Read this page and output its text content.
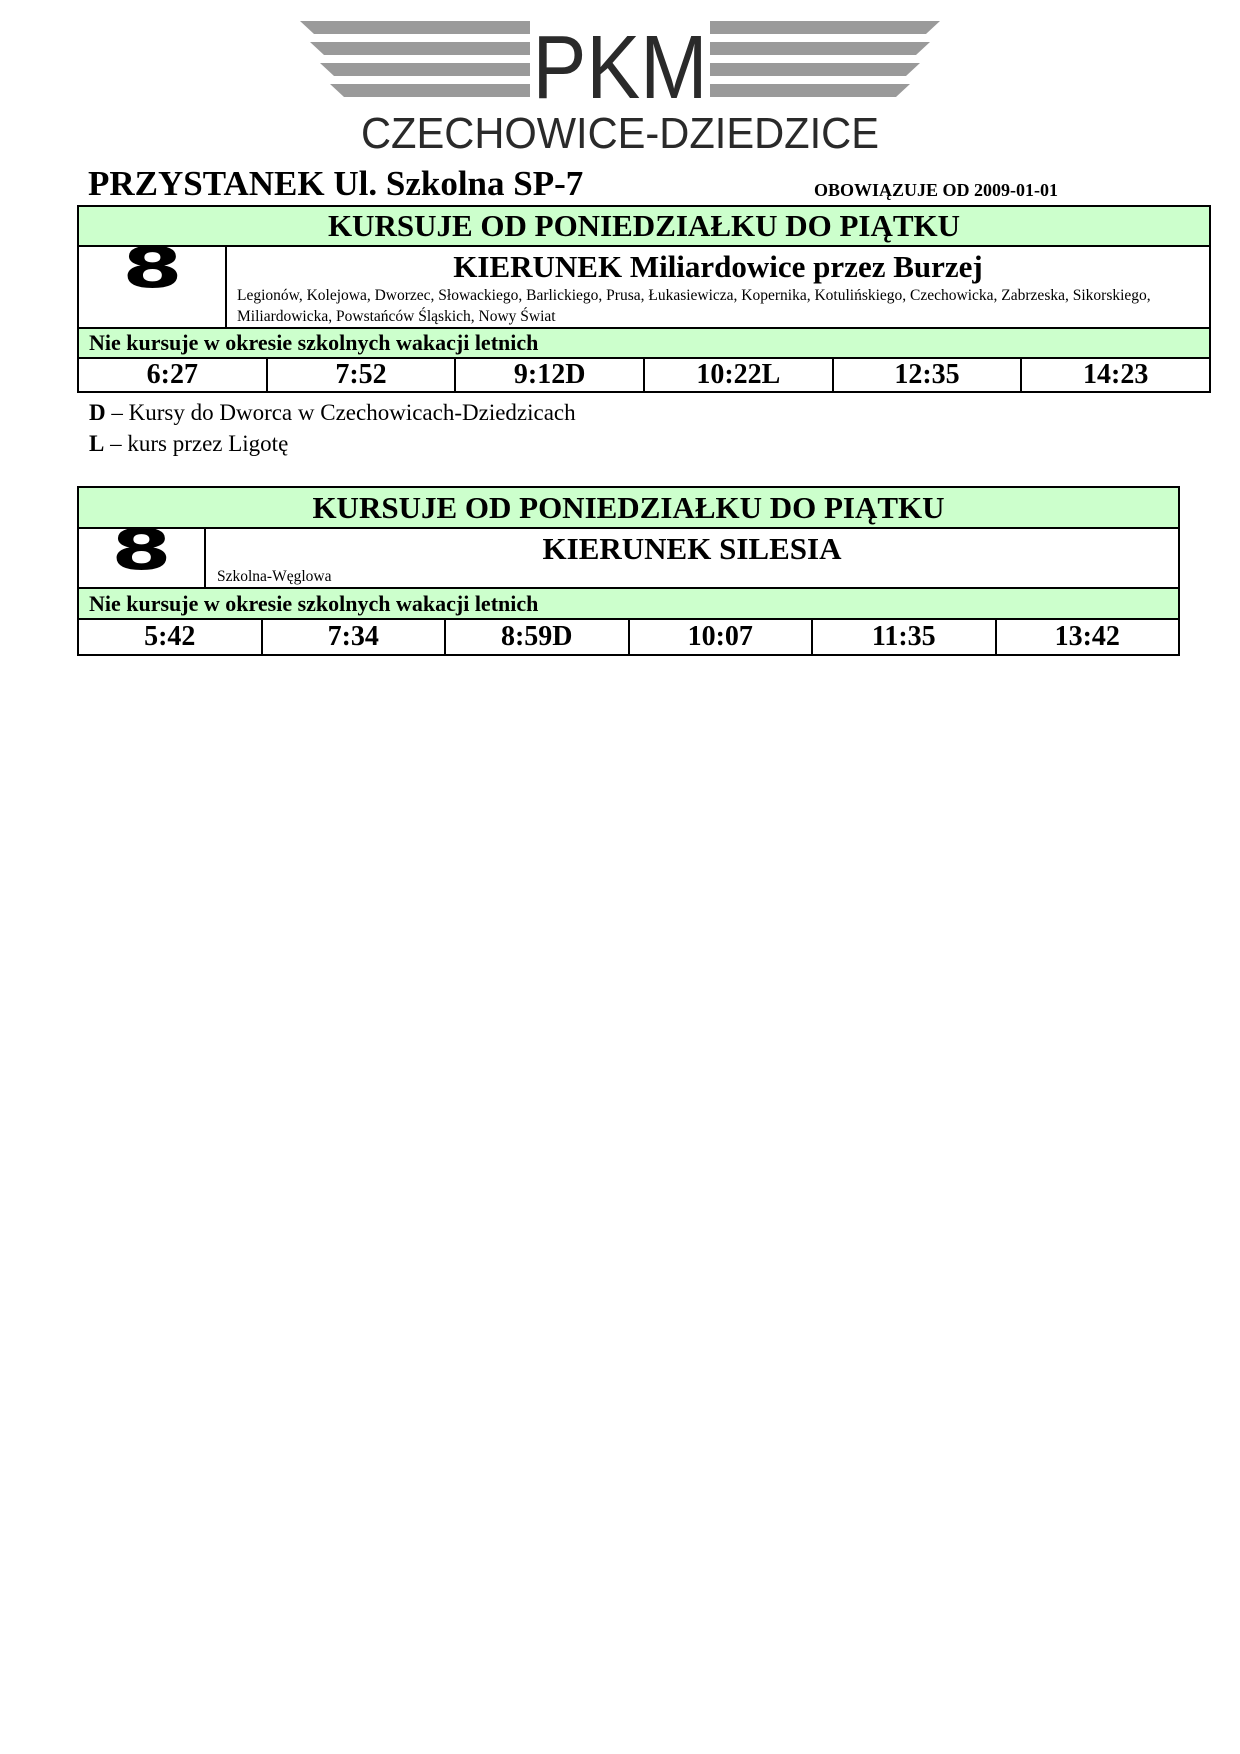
PKM
CZECHOWICE-DZIEDZICE
PRZYSTANEK Ul. Szkolna SP-7	OBOWIĄZUJE OD 2009-01-01
KURSUJE OD PONIEDZIAŁKU DO PIĄTKU
8	KIERUNEK Miliardowice przez Burzej
Legionów, Kolejowa, Dworzec, Słowackiego, Barlickiego, Prusa, Łukasiewicza, Kopernika, Kotulińskiego, Czechowicka, Zabrzeska, Sikorskiego, Miliardowicka, Powstańców Śląskich, Nowy Świat
Nie kursuje w okresie szkolnych wakacji letnich
6:27	7:52	9:12D	10:22L	12:35	14:23
D – Kursy do Dworca w Czechowicach-Dziedzicach
L – kurs przez Ligotę
KURSUJE OD PONIEDZIAŁKU DO PIĄTKU
8	KIERUNEK SILESIA
Szkolna-Węglowa
Nie kursuje w okresie szkolnych wakacji letnich
5:42	7:34	8:59D	10:07	11:35	13:42
